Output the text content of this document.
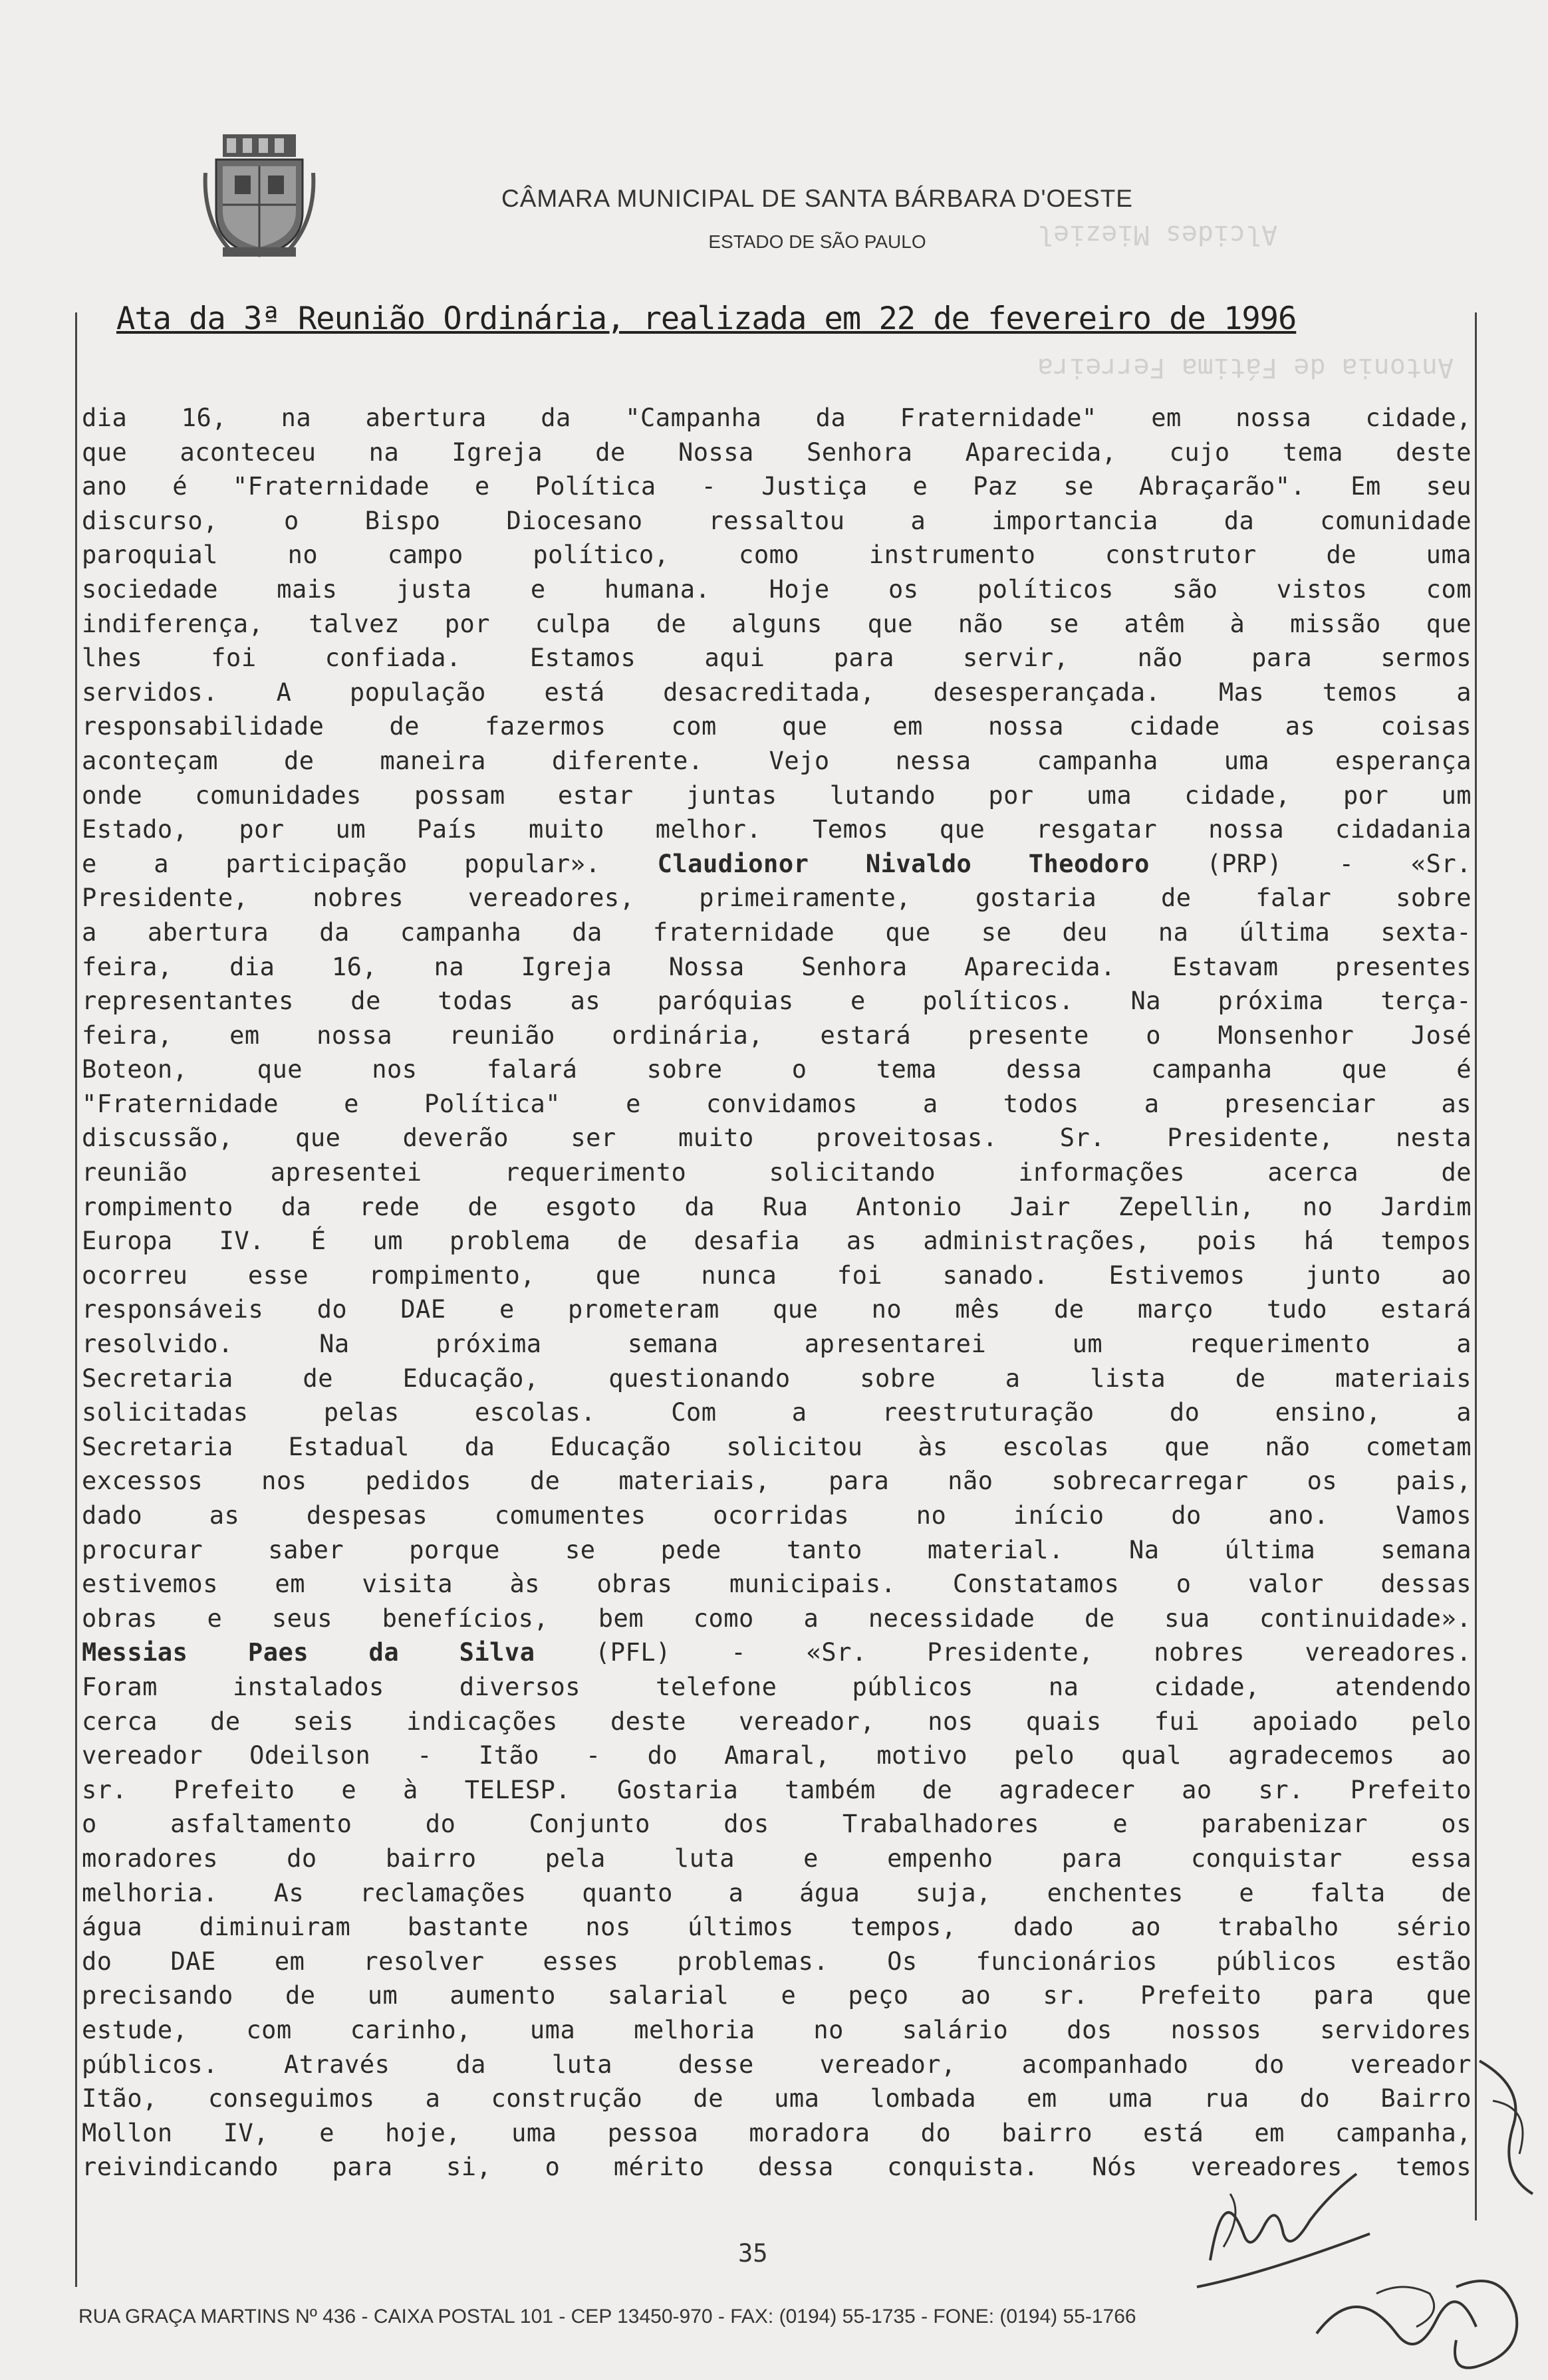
Alcides Mieziel
Antonia de Fátima Ferreira
CÂMARA MUNICIPAL DE SANTA BÁRBARA D'OESTE
ESTADO DE SÃO PAULO
Ata da 3ª Reunião Ordinária, realizada em 22 de fevereiro de 1996
dia 16, na abertura da "Campanha da Fraternidade" em nossa cidade,
que aconteceu na Igreja de Nossa Senhora Aparecida, cujo tema deste
ano é "Fraternidade e Política - Justiça e Paz se Abraçarão". Em seu
discurso, o Bispo Diocesano ressaltou a importancia da comunidade
paroquial no campo político, como instrumento construtor de uma
sociedade mais justa e humana. Hoje os políticos são vistos com
indiferença, talvez por culpa de alguns que não se atêm à missão que
lhes foi confiada. Estamos aqui para servir, não para sermos
servidos. A população está desacreditada, desesperançada. Mas temos a
responsabilidade de fazermos com que em nossa cidade as coisas
aconteçam de maneira diferente. Vejo nessa campanha uma esperança
onde comunidades possam estar juntas lutando por uma cidade, por um
Estado, por um País muito melhor. Temos que resgatar nossa cidadania
e a participação popular». Claudionor Nivaldo Theodoro (PRP) - «Sr.
Presidente, nobres vereadores, primeiramente, gostaria de falar sobre
a abertura da campanha da fraternidade que se deu na última sexta-
feira, dia 16, na Igreja Nossa Senhora Aparecida. Estavam presentes
representantes de todas as paróquias e políticos. Na próxima terça-
feira, em nossa reunião ordinária, estará presente o Monsenhor José
Boteon, que nos falará sobre o tema dessa campanha que é
"Fraternidade e Política" e convidamos a todos a presenciar as
discussão, que deverão ser muito proveitosas. Sr. Presidente, nesta
reunião apresentei requerimento solicitando informações acerca de
rompimento da rede de esgoto da Rua Antonio Jair Zepellin, no Jardim
Europa IV. É um problema de desafia as administrações, pois há tempos
ocorreu esse rompimento, que nunca foi sanado. Estivemos junto ao
responsáveis do DAE e prometeram que no mês de março tudo estará
resolvido. Na próxima semana apresentarei um requerimento a
Secretaria de Educação, questionando sobre a lista de materiais
solicitadas pelas escolas. Com a reestruturação do ensino, a
Secretaria Estadual da Educação solicitou às escolas que não cometam
excessos nos pedidos de materiais, para não sobrecarregar os pais,
dado as despesas comumentes ocorridas no início do ano. Vamos
procurar saber porque se pede tanto material. Na última semana
estivemos em visita às obras municipais. Constatamos o valor dessas
obras e seus benefícios, bem como a necessidade de sua continuidade».
Messias Paes da Silva (PFL) - «Sr. Presidente, nobres vereadores.
Foram instalados diversos telefone públicos na cidade, atendendo
cerca de seis indicações deste vereador, nos quais fui apoiado pelo
vereador Odeilson - Itão - do Amaral, motivo pelo qual agradecemos ao
sr. Prefeito e à TELESP. Gostaria também de agradecer ao sr. Prefeito
o asfaltamento do Conjunto dos Trabalhadores e parabenizar os
moradores do bairro pela luta e empenho para conquistar essa
melhoria. As reclamações quanto a água suja, enchentes e falta de
água diminuiram bastante nos últimos tempos, dado ao trabalho sério
do DAE em resolver esses problemas. Os funcionários públicos estão
precisando de um aumento salarial e peço ao sr. Prefeito para que
estude, com carinho, uma melhoria no salário dos nossos servidores
públicos. Através da luta desse vereador, acompanhado do vereador
Itão, conseguimos a construção de uma lombada em uma rua do Bairro
Mollon IV, e hoje, uma pessoa moradora do bairro está em campanha,
reivindicando para si, o mérito dessa conquista. Nós vereadores temos
35
RUA GRAÇA MARTINS Nº 436 - CAIXA POSTAL 101 - CEP 13450-970 - FAX: (0194) 55-1735 - FONE: (0194) 55-1766
